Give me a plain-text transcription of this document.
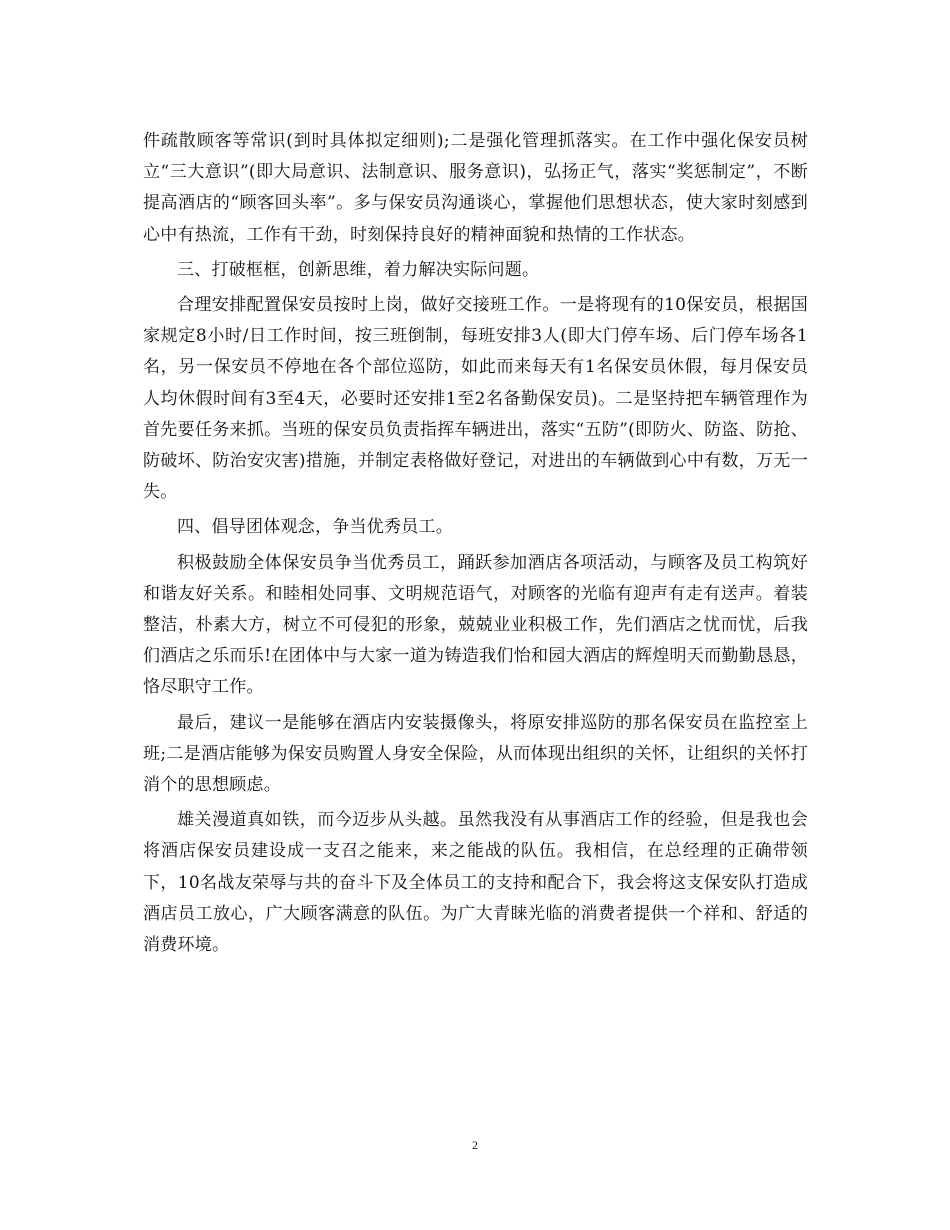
件疏散顾客等常识(到时具体拟定细则);二是强化管理抓落实。在工作中强化保安员树立“三大意识”(即大局意识、法制意识、服务意识)，弘扬正气，落实“奖惩制定”，不断提高酒店的“顾客回头率”。多与保安员沟通谈心，掌握他们思想状态，使大家时刻感到心中有热流，工作有干劲，时刻保持良好的精神面貌和热情的工作状态。

三、打破框框，创新思维，着力解决实际问题。

合理安排配置保安员按时上岗，做好交接班工作。一是将现有的10保安员，根据国家规定8小时/日工作时间，按三班倒制，每班安排3人(即大门停车场、后门停车场各1名，另一保安员不停地在各个部位巡防，如此而来每天有1名保安员休假，每月保安员人均休假时间有3至4天，必要时还安排1至2名备勤保安员)。二是坚持把车辆管理作为首先要任务来抓。当班的保安员负责指挥车辆进出，落实“五防”(即防火、防盗、防抢、防破坏、防治安灾害)措施，并制定表格做好登记，对进出的车辆做到心中有数，万无一失。

四、倡导团体观念，争当优秀员工。

积极鼓励全体保安员争当优秀员工，踊跃参加酒店各项活动，与顾客及员工构筑好和谐友好关系。和睦相处同事、文明规范语气，对顾客的光临有迎声有走有送声。着装整洁，朴素大方，树立不可侵犯的形象，兢兢业业积极工作，先们酒店之忧而忧，后我们酒店之乐而乐!在团体中与大家一道为铸造我们怡和园大酒店的辉煌明天而勤勤恳恳，恪尽职守工作。

最后，建议一是能够在酒店内安装摄像头，将原安排巡防的那名保安员在监控室上班;二是酒店能够为保安员购置人身安全保险，从而体现出组织的关怀，让组织的关怀打消个的思想顾虑。

雄关漫道真如铁，而今迈步从头越。虽然我没有从事酒店工作的经验，但是我也会将酒店保安员建设成一支召之能来，来之能战的队伍。我相信，在总经理的正确带领下，10名战友荣辱与共的奋斗下及全体员工的支持和配合下，我会将这支保安队打造成酒店员工放心，广大顾客满意的队伍。为广大青睐光临的消费者提供一个祥和、舒适的消费环境。

2
